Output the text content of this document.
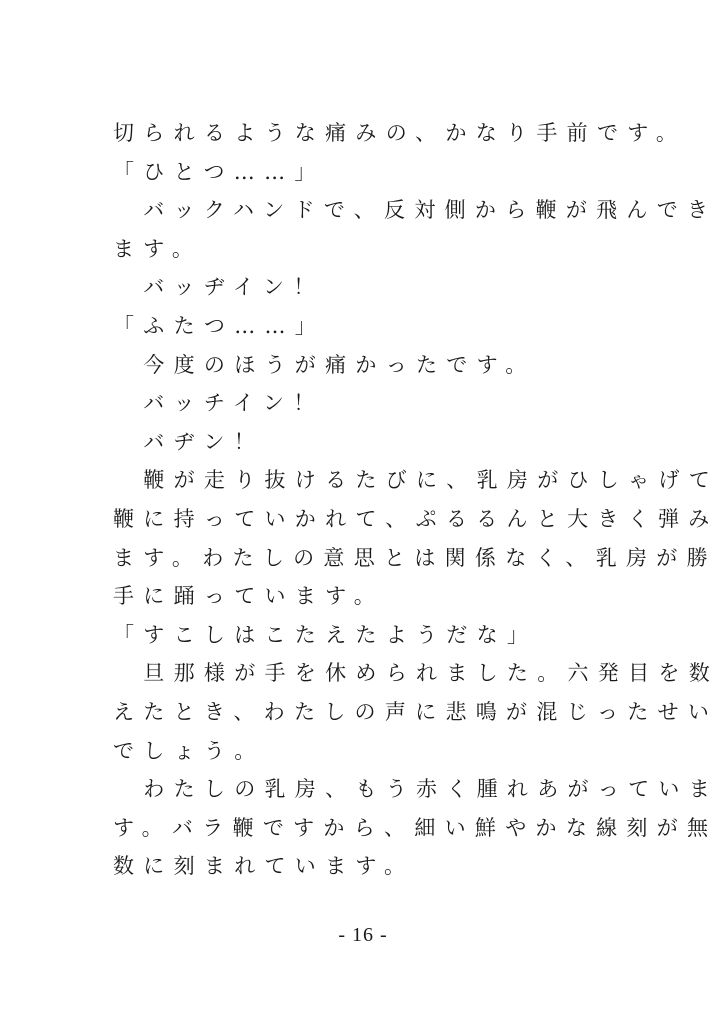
切られるような痛みの、かなり手前です。
「ひとつ……」
　バックハンドで、反対側から鞭が飛んでき
ます。
　バッヂイン！
「ふたつ……」
　今度のほうが痛かったです。
　バッチイン！
　バヂン！
　鞭が走り抜けるたびに、乳房がひしゃげて
鞭に持っていかれて、ぷるるんと大きく弾み
ます。わたしの意思とは関係なく、乳房が勝
手に踊っています。
「すこしはこたえたようだな」
　旦那様が手を休められました。六発目を数
えたとき、わたしの声に悲鳴が混じったせい
でしょう。
　わたしの乳房、もう赤く腫れあがっていま
す。バラ鞭ですから、細い鮮やかな線刻が無
数に刻まれています。
- 16 -
